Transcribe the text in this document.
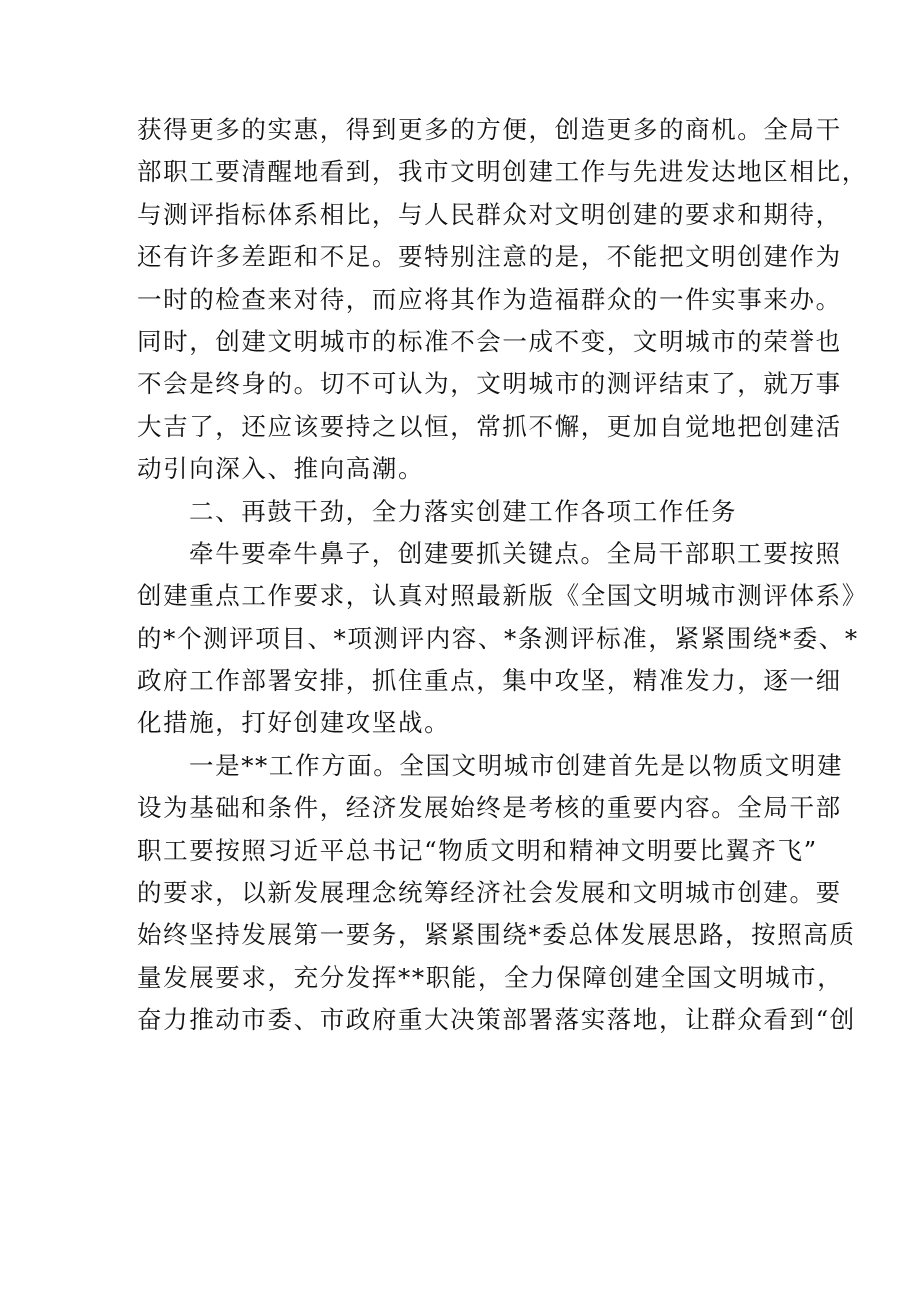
获得更多的实惠，得到更多的方便，创造更多的商机。全局干
部职工要清醒地看到，我市文明创建工作与先进发达地区相比，
与测评指标体系相比，与人民群众对文明创建的要求和期待，
还有许多差距和不足。要特别注意的是，不能把文明创建作为
一时的检查来对待，而应将其作为造福群众的一件实事来办。
同时，创建文明城市的标准不会一成不变，文明城市的荣誉也
不会是终身的。切不可认为，文明城市的测评结束了，就万事
大吉了，还应该要持之以恒，常抓不懈，更加自觉地把创建活
动引向深入、推向高潮。
二、再鼓干劲，全力落实创建工作各项工作任务
牵牛要牵牛鼻子，创建要抓关键点。全局干部职工要按照
创建重点工作要求，认真对照最新版《全国文明城市测评体系》
的*个测评项目、*项测评内容、*条测评标准，紧紧围绕*委、*
政府工作部署安排，抓住重点，集中攻坚，精准发力，逐一细
化措施，打好创建攻坚战。
一是**工作方面。全国文明城市创建首先是以物质文明建
设为基础和条件，经济发展始终是考核的重要内容。全局干部
职工要按照习近平总书记“物质文明和精神文明要比翼齐飞”
的要求，以新发展理念统筹经济社会发展和文明城市创建。要
始终坚持发展第一要务，紧紧围绕*委总体发展思路，按照高质
量发展要求，充分发挥**职能，全力保障创建全国文明城市，
奋力推动市委、市政府重大决策部署落实落地，让群众看到“创
